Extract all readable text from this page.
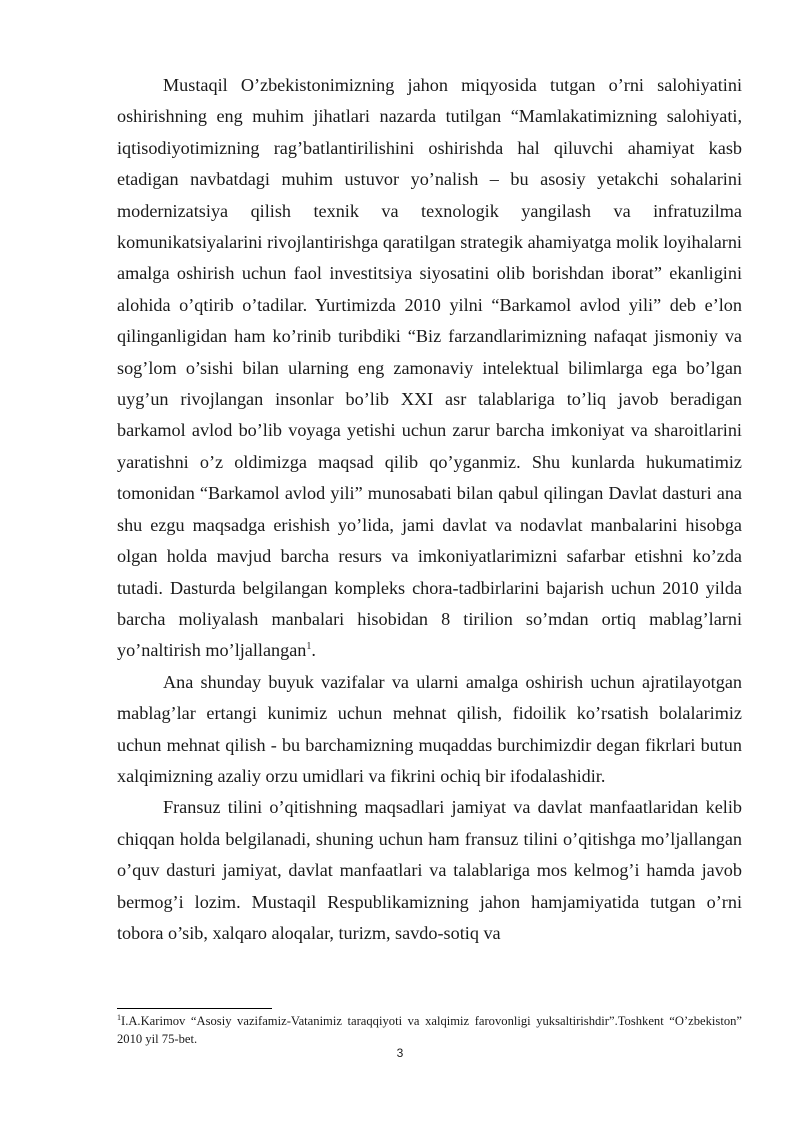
Mustaqil O’zbekistonimizning jahon miqyosida tutgan o’rni salohiyatini oshirishning eng muhim jihatlari nazarda tutilgan “Mamlakatimizning salohiyati, iqtisodiyotimizning rag’batlantirilishini oshirishda hal qiluvchi ahamiyat kasb etadigan navbatdagi muhim ustuvor yo’nalish – bu asosiy yetakchi sohalarini modernizatsiya qilish texnik va texnologik yangilash va infratuzilma komunikatsiyalarini rivojlantirishga qaratilgan strategik ahamiyatga molik loyihalarni amalga oshirish uchun faol investitsiya siyosatini olib borishdan iborat” ekanligini alohida o’qtirib o’tadilar. Yurtimizda 2010 yilni “Barkamol avlod yili” deb e’lon qilinganligidan ham ko’rinib turibdiki “Biz farzandlarimizning nafaqat jismoniy va sog’lom o’sishi bilan ularning eng zamonaviy intelektual bilimlarga ega bo’lgan uyg’un rivojlangan insonlar bo’lib XXI asr talablariga to’liq javob beradigan barkamol avlod bo’lib voyaga yetishi uchun zarur barcha imkoniyat va sharoitlarini yaratishni o’z oldimizga maqsad qilib qo’yganmiz. Shu kunlarda hukumatimiz tomonidan “Barkamol avlod yili” munosabati bilan qabul qilingan Davlat dasturi ana shu ezgu maqsadga erishish yo’lida, jami davlat va nodavlat manbalarini hisobga olgan holda mavjud barcha resurs va imkoniyatlarimizni safarbar etishni ko’zda tutadi. Dasturda belgilangan kompleks chora-tadbirlarini bajarish uchun 2010 yilda barcha moliyalash manbalari hisobidan 8 tirilion so’mdan ortiq mablag’larni yo’naltirish mo’ljallangan$^1$.

Ana shunday buyuk vazifalar va ularni amalga oshirish uchun ajratilayotgan mablag’lar ertangi kunimiz uchun mehnat qilish, fidoilik ko’rsatish bolalarimiz uchun mehnat qilish - bu barchamizning muqaddas burchimizdir degan fikrlari butun xalqimizning azaliy orzu umidlari va fikrini ochiq bir ifodalashidir.

Fransuz tilini o’qitishning maqsadlari jamiyat va davlat manfaatlaridan kelib chiqqan holda belgilanadi, shuning uchun ham fransuz tilini o’qitishga mo’ljallangan o’quv dasturi jamiyat, davlat manfaatlari va talablariga mos kelmog’i hamda javob bermog’i lozim. Mustaqil Respublikamizning jahon hamjamiyatida tutgan o’rni tobora o’sib, xalqaro aloqalar, turizm, savdo-sotiq va

$^1$I.A.Karimov “Asosiy vazifamiz-Vatanimiz taraqqiyoti va xalqimiz farovonligi yuksaltirishdir”.Toshkent “O’zbekiston” 2010 yil 75-bet.
3
